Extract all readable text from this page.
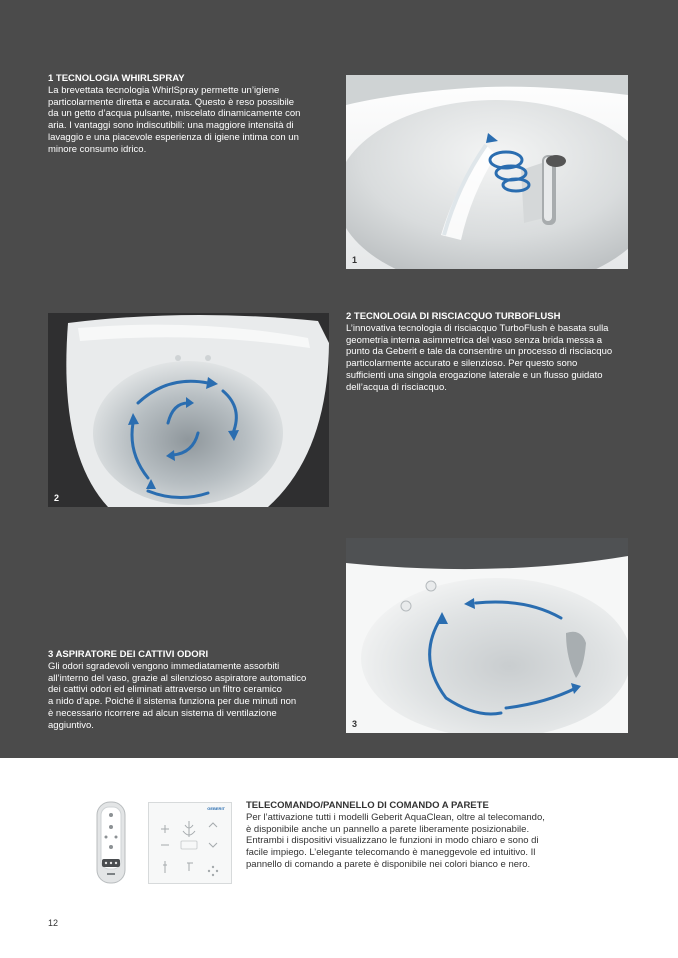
1 TECNOLOGIA WHIRLSPRAY

La brevettata tecnologia WhirlSpray permette un’igiene
particolarmente diretta e accurata. Questo è reso possibile
da un getto d’acqua pulsante, miscelato dinamicamente con
aria. I vantaggi sono indiscutibili: una maggiore intensità di
lavaggio e una piacevole esperienza di igiene intima con un
minore consumo idrico.

1
2

2 TECNOLOGIA DI RISCIACQUO TURBOFLUSH

L’innovativa tecnologia di risciacquo TurboFlush è basata sulla
geometria interna asimmetrica del vaso senza brida messa a
punto da Geberit e tale da consentire un processo di risciacquo
particolarmente accurato e silenzioso. Per questo sono
sufficienti una singola erogazione laterale e un flusso guidato
dell’acqua di risciacquo.

3 ASPIRATORE DEI CATTIVI ODORI

Gli odori sgradevoli vengono immediatamente assorbiti
all’interno del vaso, grazie al silenzioso aspiratore automatico
dei cattivi odori ed eliminati attraverso un filtro ceramico
a nido d’ape. Poiché il sistema funziona per due minuti non
è necessario ricorrere ad alcun sistema di ventilazione
aggiuntivo.	3
GEBERIT TELECOMANDO/PANNELLO DI COMANDO A PARETE

Per l’attivazione tutti i modelli Geberit AquaClean, oltre al telecomando,
è disponibile anche un pannello a parete liberamente posizionabile.
Entrambi i dispositivi visualizzano le funzioni in modo chiaro e sono di
facile impiego. L’elegante telecomando è maneggevole ed intuitivo. Il
pannello di comando a parete è disponibile nei colori bianco e nero.

12
